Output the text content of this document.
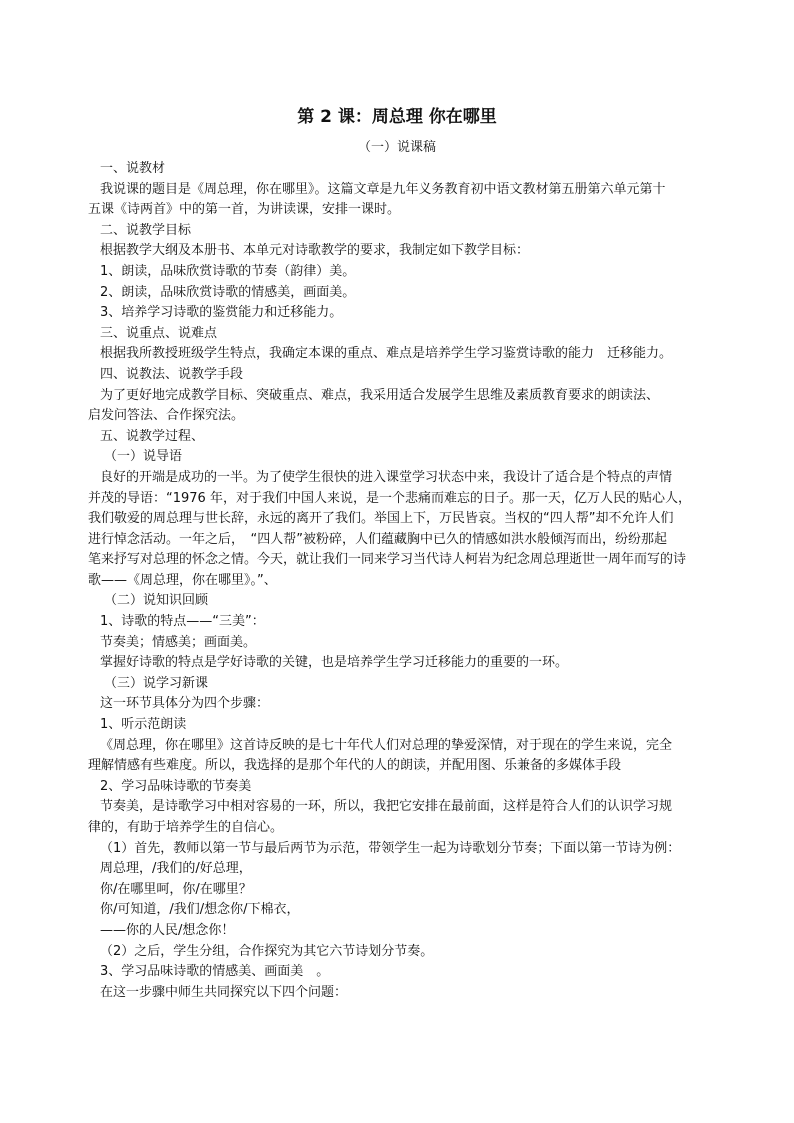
第 2 课：周总理 你在哪里
（一）说课稿

一、说教材

我说课的题目是《周总理，你在哪里》。这篇文章是九年义务教育初中语文教材第五册第六单元第十

五课《诗两首》中的第一首，为讲读课，安排一课时。

二、说教学目标

根据教学大纲及本册书、本单元对诗歌教学的要求，我制定如下教学目标：

1、朗读，品味欣赏诗歌的节奏（韵律）美。

2、朗读，品味欣赏诗歌的情感美，画面美。

3、培养学习诗歌的鉴赏能力和迁移能力。

三、说重点、说难点

根据我所教授班级学生特点，我确定本课的重点、难点是培养学生学习鉴赏诗歌的能力　迁移能力。

四、说教法、说教学手段

为了更好地完成教学目标、突破重点、难点，我采用适合发展学生思维及素质教育要求的朗读法、

启发问答法、合作探究法。

五、说教学过程、

（一）说导语

良好的开端是成功的一半。为了使学生很快的进入课堂学习状态中来，我设计了适合是个特点的声情

并茂的导语：“1976 年，对于我们中国人来说，是一个悲痛而难忘的日子。那一天，亿万人民的贴心人，

我们敬爱的周总理与世长辞，永远的离开了我们。举国上下，万民皆哀。当权的“四人帮”却不允许人们

进行悼念活动。一年之后，　“四人帮”被粉碎，人们蕴藏胸中已久的情感如洪水般倾泻而出，纷纷那起

笔来抒写对总理的怀念之情。今天，就让我们一同来学习当代诗人柯岩为纪念周总理逝世一周年而写的诗

歌——《周总理，你在哪里》。”、

（二）说知识回顾

1、诗歌的特点——“三美”：

节奏美；情感美；画面美。

掌握好诗歌的特点是学好诗歌的关键，也是培养学生学习迁移能力的重要的一环。

（三）说学习新课

这一环节具体分为四个步骤：

1、听示范朗读

《周总理，你在哪里》这首诗反映的是七十年代人们对总理的挚爱深情，对于现在的学生来说，完全

理解情感有些难度。所以，我选择的是那个年代的人的朗读，并配用图、乐兼备的多媒体手段

2、学习品味诗歌的节奏美

节奏美，是诗歌学习中相对容易的一环，所以，我把它安排在最前面，这样是符合人们的认识学习规

律的，有助于培养学生的自信心。

（1）首先，教师以第一节与最后两节为示范，带领学生一起为诗歌划分节奏；下面以第一节诗为例：

周总理，/我们的/好总理，

你/在哪里呵，你/在哪里？

你/可知道，/我们/想念你/下棉衣，

——你的人民/想念你！

（2）之后，学生分组，合作探究为其它六节诗划分节奏。

3、学习品味诗歌的情感美、画面美　。

在这一步骤中师生共同探究以下四个问题：
